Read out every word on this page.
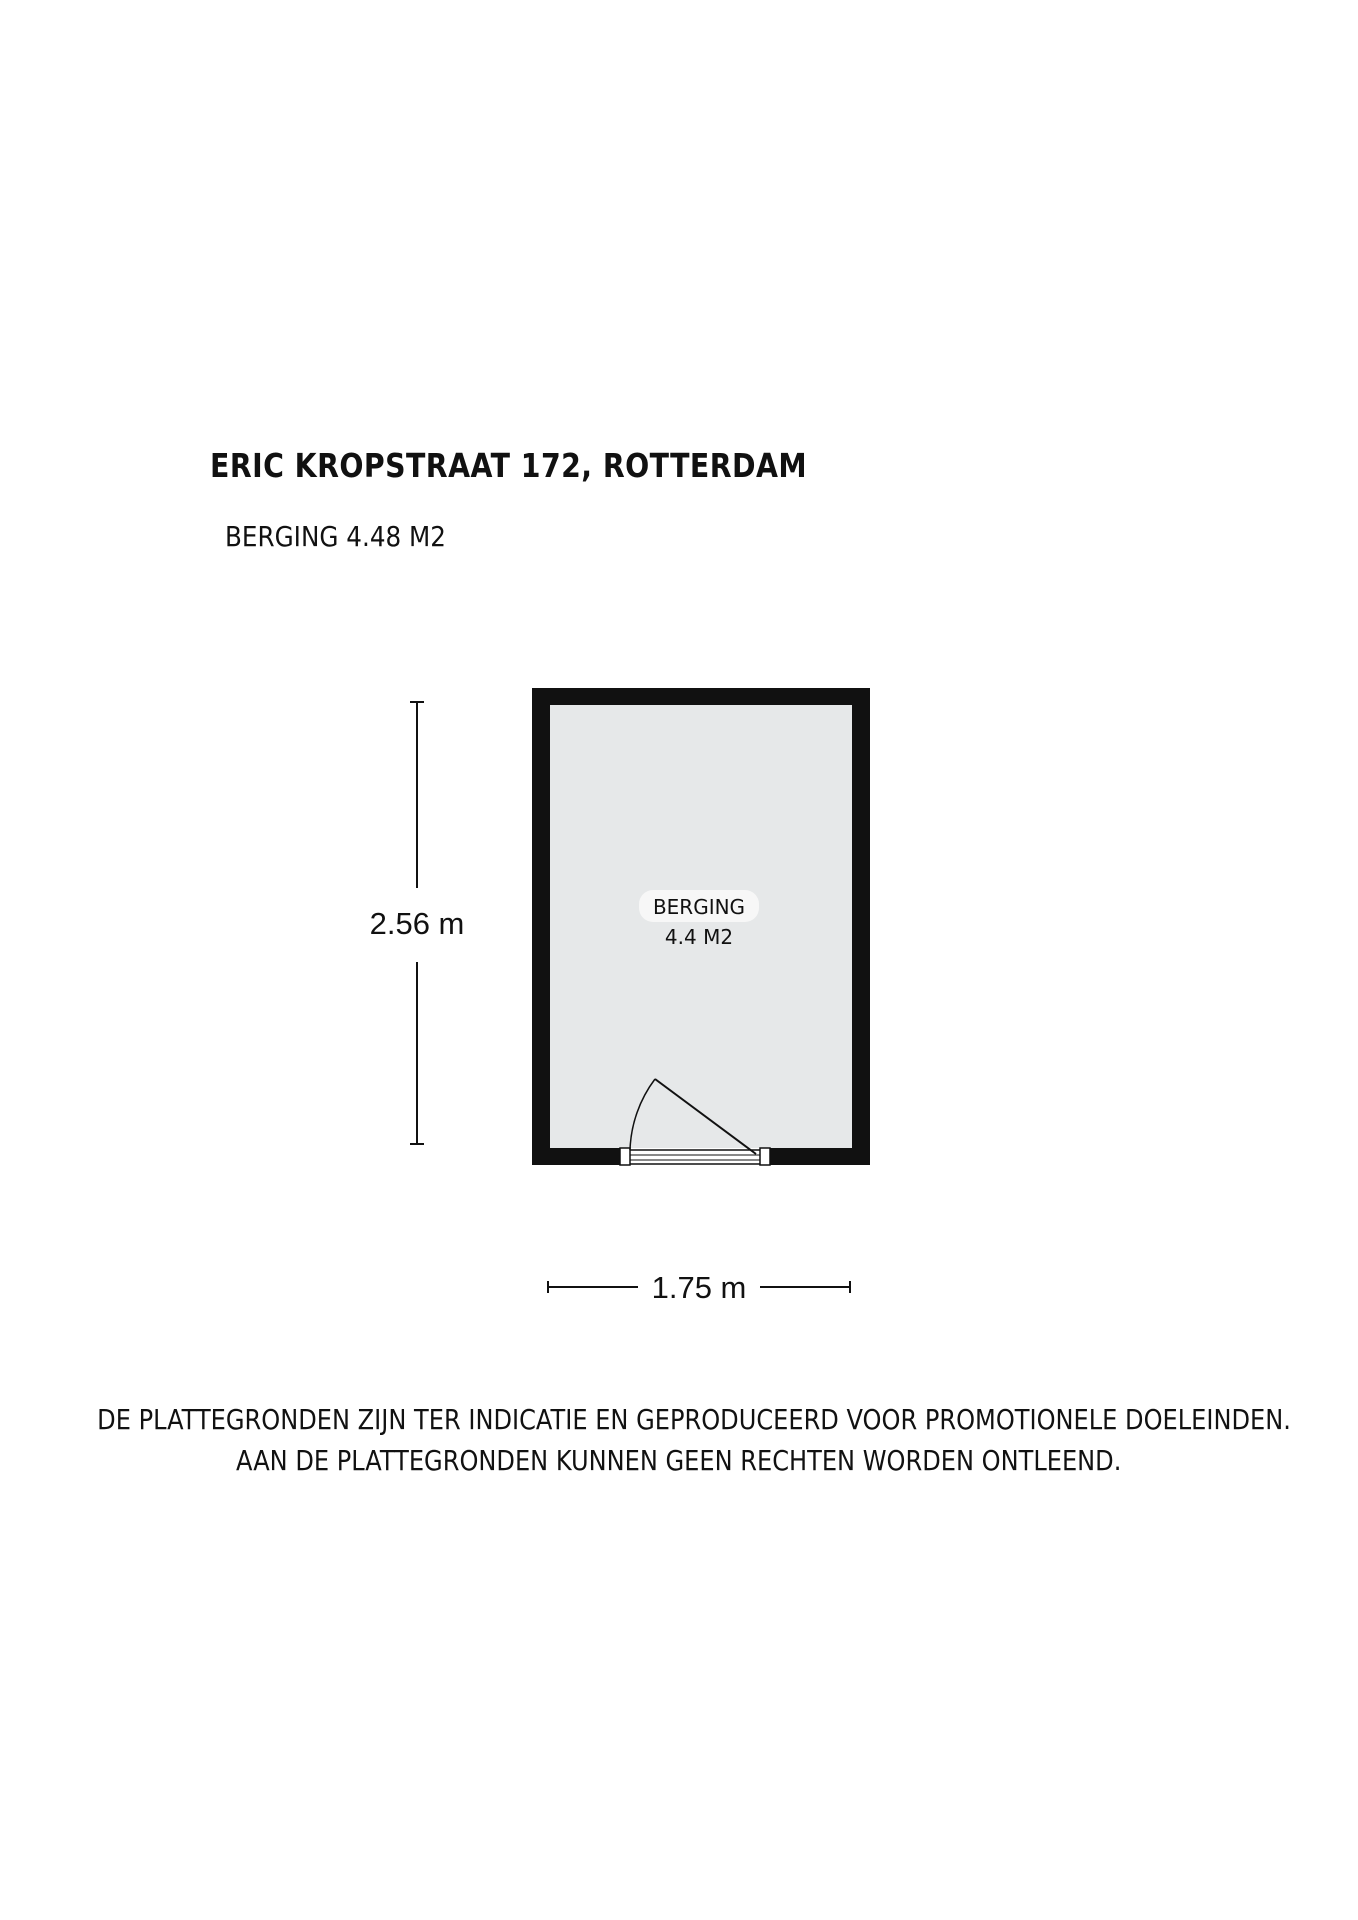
ERIC KROPSTRAAT 172, ROTTERDAM
BERGING 4.48 M2
BERGING
4.4 M2
2.56 m
1.75 m
DE PLATTEGRONDEN ZIJN TER INDICATIE EN GEPRODUCEERD VOOR PROMOTIONELE DOELEINDEN.
AAN DE PLATTEGRONDEN KUNNEN GEEN RECHTEN WORDEN ONTLEEND.
